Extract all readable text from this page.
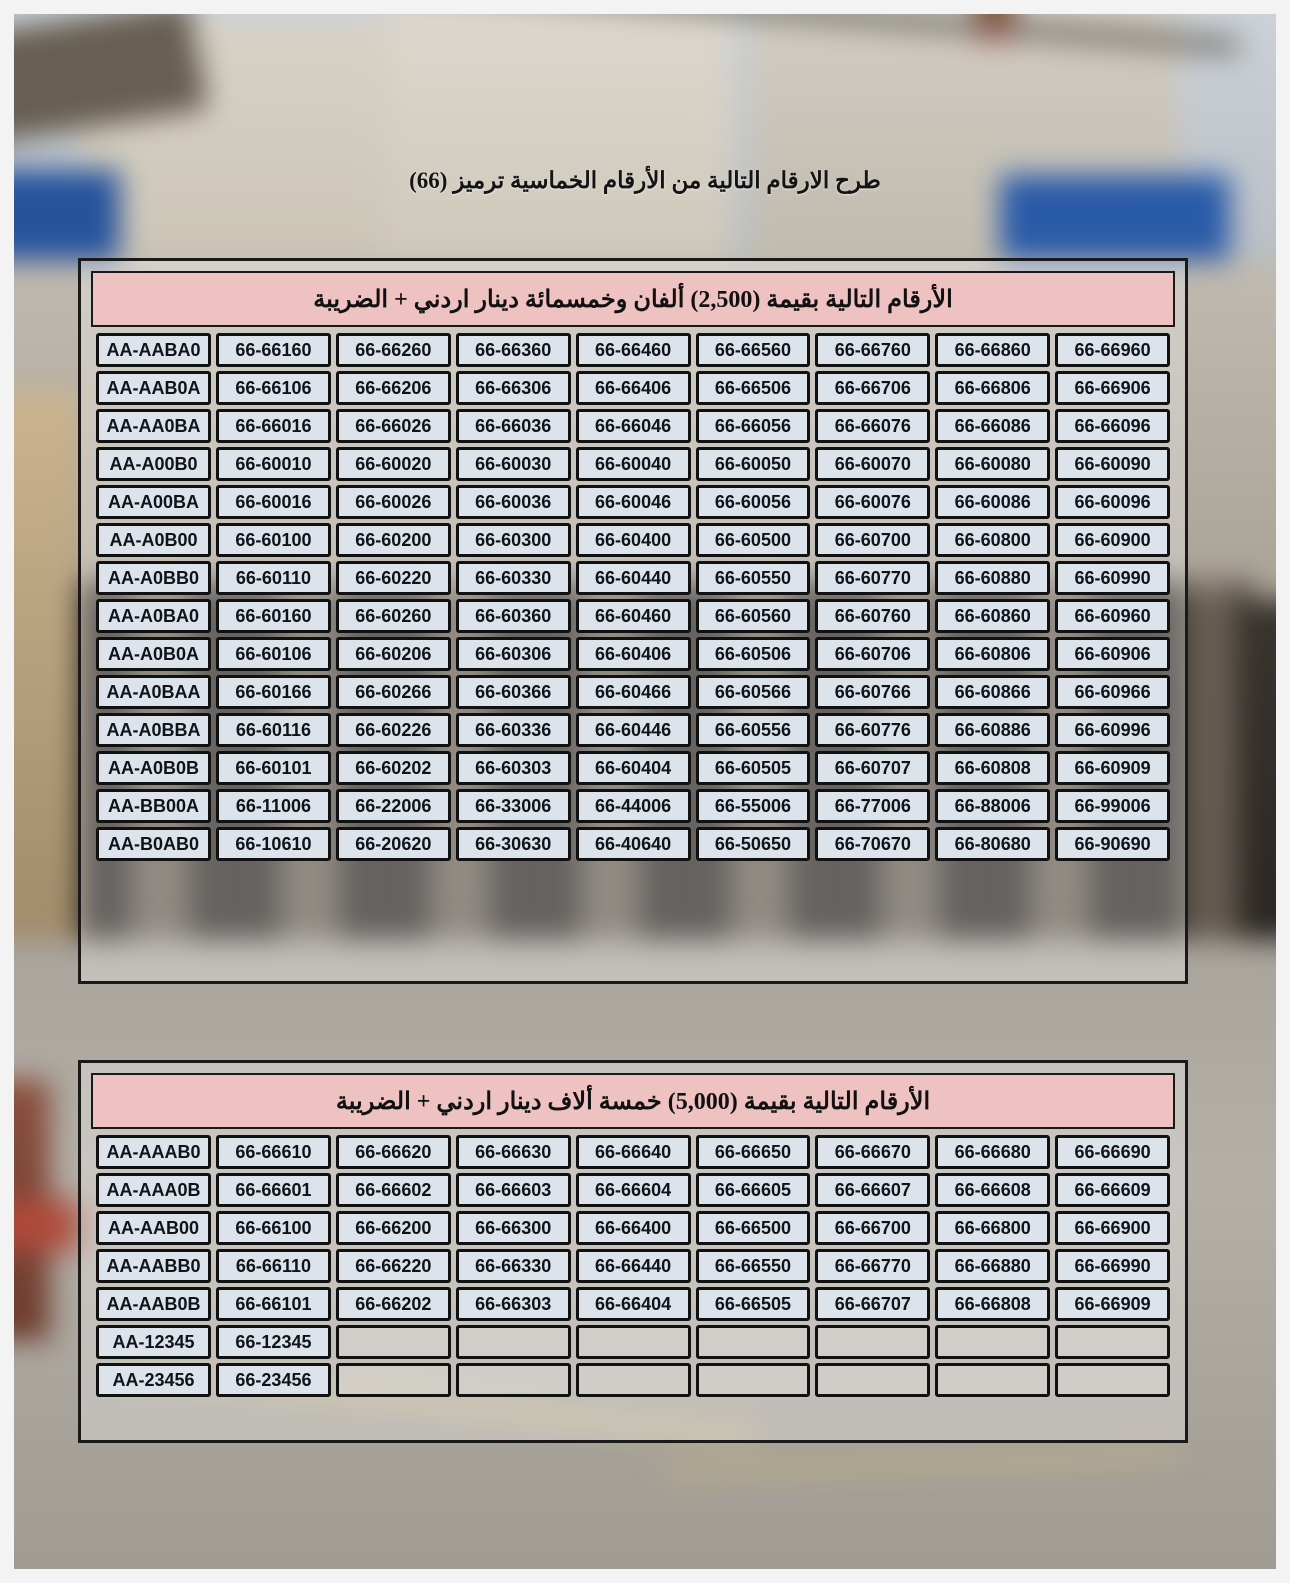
طرح الارقام التالية من الأرقام الخماسية ترميز (66)
الأرقام التالية بقيمة (2,500) ألفان وخمسمائة دينار اردني + الضريبة
66-66960	66-66860	66-66760	66-66560	66-66460	66-66360	66-66260	66-66160	AA-AABA0

66-66906	66-66806	66-66706	66-66506	66-66406	66-66306	66-66206	66-66106	AA-AAB0A

66-66096	66-66086	66-66076	66-66056	66-66046	66-66036	66-66026	66-66016	AA-AA0BA

66-60090	66-60080	66-60070	66-60050	66-60040	66-60030	66-60020	66-60010	AA-A00B0

66-60096	66-60086	66-60076	66-60056	66-60046	66-60036	66-60026	66-60016	AA-A00BA

66-60900	66-60800	66-60700	66-60500	66-60400	66-60300	66-60200	66-60100	AA-A0B00

66-60990	66-60880	66-60770	66-60550	66-60440	66-60330	66-60220	66-60110	AA-A0BB0

66-60960	66-60860	66-60760	66-60560	66-60460	66-60360	66-60260	66-60160	AA-A0BA0

66-60906	66-60806	66-60706	66-60506	66-60406	66-60306	66-60206	66-60106	AA-A0B0A

66-60966	66-60866	66-60766	66-60566	66-60466	66-60366	66-60266	66-60166	AA-A0BAA

66-60996	66-60886	66-60776	66-60556	66-60446	66-60336	66-60226	66-60116	AA-A0BBA

66-60909	66-60808	66-60707	66-60505	66-60404	66-60303	66-60202	66-60101	AA-A0B0B

66-99006	66-88006	66-77006	66-55006	66-44006	66-33006	66-22006	66-11006	AA-BB00A

66-90690	66-80680	66-70670	66-50650	66-40640	66-30630	66-20620	66-10610	AA-B0AB0
الأرقام التالية بقيمة (5,000) خمسة ألاف دينار اردني + الضريبة
66-66690	66-66680	66-66670	66-66650	66-66640	66-66630	66-66620	66-66610	AA-AAAB0

66-66609	66-66608	66-66607	66-66605	66-66604	66-66603	66-66602	66-66601	AA-AAA0B

66-66900	66-66800	66-66700	66-66500	66-66400	66-66300	66-66200	66-66100	AA-AAB00

66-66990	66-66880	66-66770	66-66550	66-66440	66-66330	66-66220	66-66110	AA-AABB0

66-66909	66-66808	66-66707	66-66505	66-66404	66-66303	66-66202	66-66101	AA-AAB0B

66-12345	AA-12345

66-23456	AA-23456
